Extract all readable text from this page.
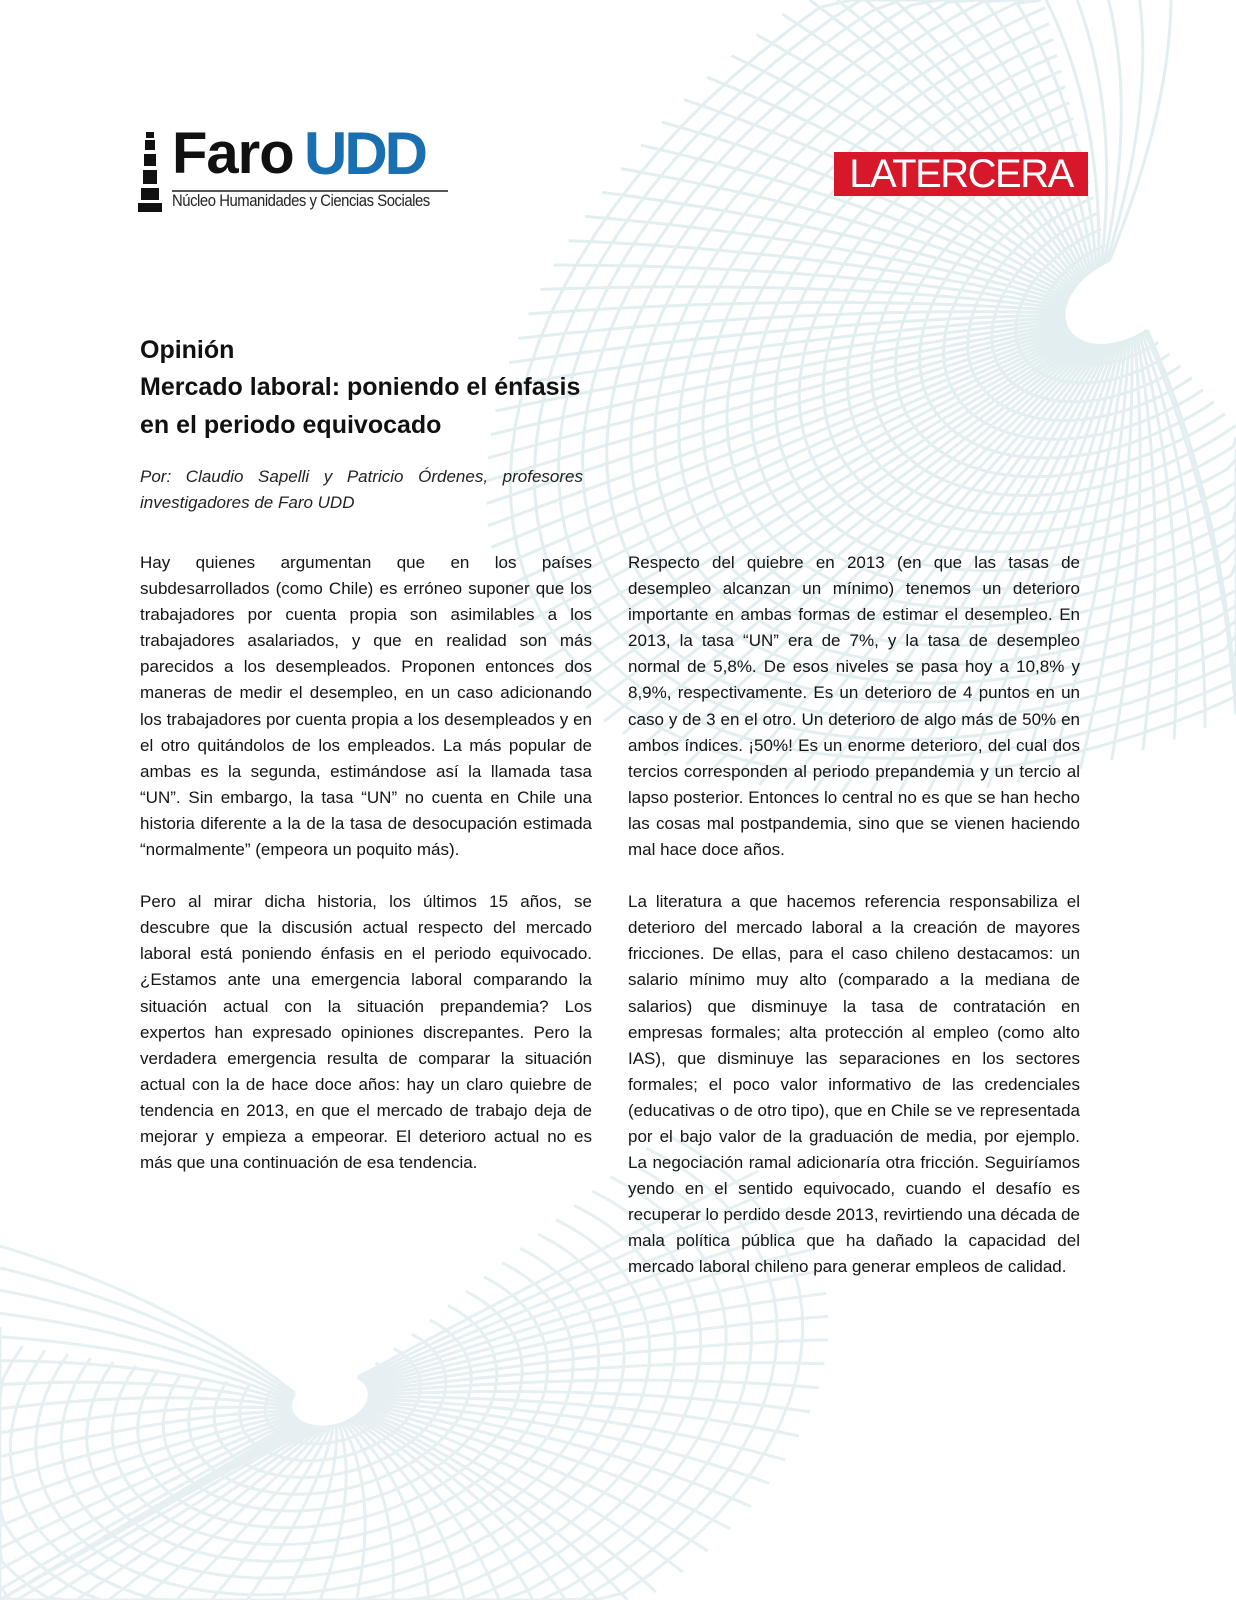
Faro UDD
Núcleo Humanidades y Ciencias Sociales
LATERCERA
Opinión
Mercado laboral: poniendo el énfasis en el periodo equivocado

Por: Claudio Sapelli y Patricio Órdenes, profesores investigadores de Faro UDD

Hay quienes argumentan que en los países subdesarrollados (como Chile) es erróneo suponer que los trabajadores por cuenta propia son asimilables a los trabajadores asalariados, y que en realidad son más parecidos a los desempleados. Proponen entonces dos maneras de medir el desempleo, en un caso adicionando los trabajadores por cuenta propia a los desempleados y en el otro quitándolos de los empleados. La más popular de ambas es la segunda, estimándose así la llamada tasa “UN”. Sin embargo, la tasa “UN” no cuenta en Chile una historia diferente a la de la tasa de desocupación estimada “normalmente” (empeora un poquito más).

Pero al mirar dicha historia, los últimos 15 años, se descubre que la discusión actual respecto del mercado laboral está poniendo énfasis en el periodo equivocado. ¿Estamos ante una emergencia laboral comparando la situación actual con la situación prepandemia? Los expertos han expresado opiniones discrepantes. Pero la verdadera emergencia resulta de comparar la situación actual con la de hace doce años: hay un claro quiebre de tendencia en 2013, en que el mercado de trabajo deja de mejorar y empieza a empeorar. El deterioro actual no es más que una continuación de esa tendencia.

Respecto del quiebre en 2013 (en que las tasas de desempleo alcanzan un mínimo) tenemos un deterioro importante en ambas formas de estimar el desempleo. En 2013, la tasa “UN” era de 7%, y la tasa de desempleo normal de 5,8%. De esos niveles se pasa hoy a 10,8% y 8,9%, respectivamente. Es un deterioro de 4 puntos en un caso y de 3 en el otro. Un deterioro de algo más de 50% en ambos índices. ¡50%! Es un enorme deterioro, del cual dos tercios corresponden al periodo prepandemia y un tercio al lapso posterior. Entonces lo central no es que se han hecho las cosas mal postpandemia, sino que se vienen haciendo mal hace doce años.

La literatura a que hacemos referencia responsabiliza el deterioro del mercado laboral a la creación de mayores fricciones. De ellas, para el caso chileno destacamos: un salario mínimo muy alto (comparado a la mediana de salarios) que disminuye la tasa de contratación en empresas formales; alta protección al empleo (como alto IAS), que disminuye las separaciones en los sectores formales; el poco valor informativo de las credenciales (educativas o de otro tipo), que en Chile se ve representada por el bajo valor de la graduación de media, por ejemplo. La negociación ramal adicionaría otra fricción. Seguiríamos yendo en el sentido equivocado, cuando el desafío es recuperar lo perdido desde 2013, revirtiendo una década de mala política pública que ha dañado la capacidad del mercado laboral chileno para generar empleos de calidad.
